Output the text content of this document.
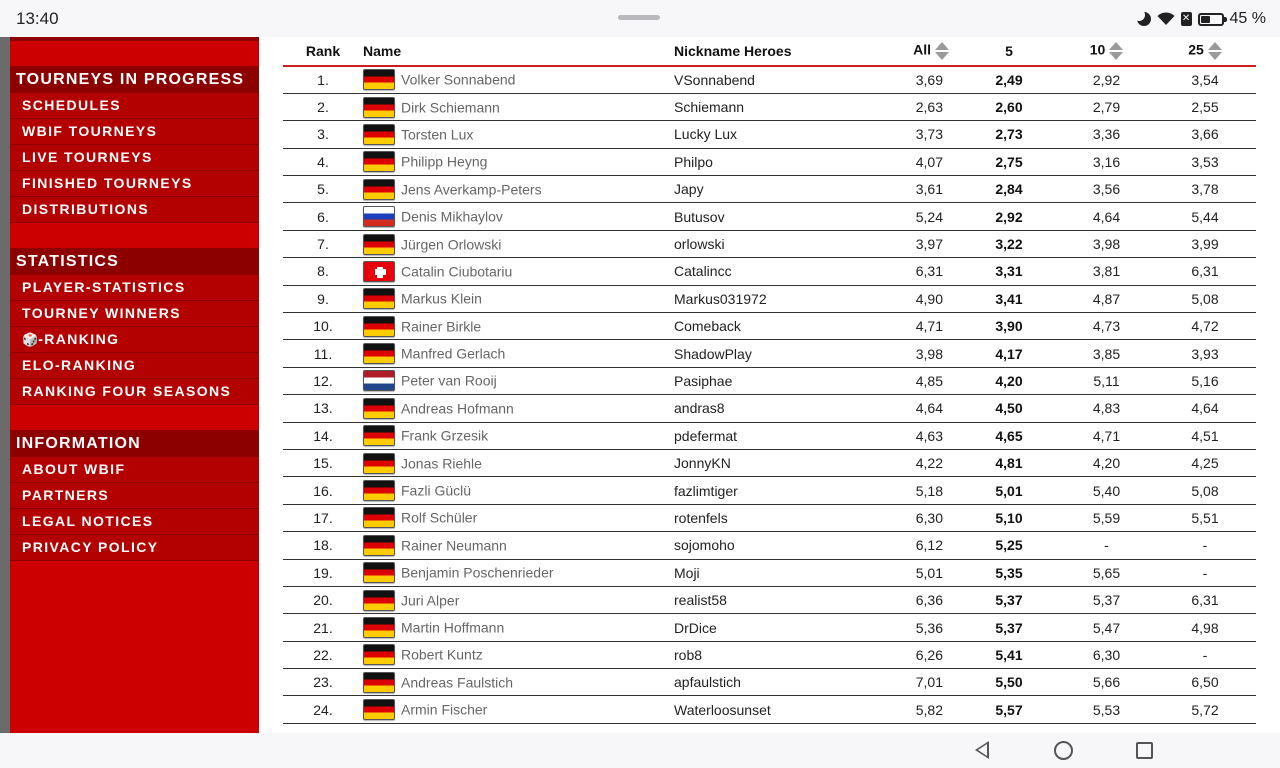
13:40	✕ 45 %
TOURNEYS IN PROGRESS
SCHEDULES
WBIF TOURNEYS
LIVE TOURNEYS
FINISHED TOURNEYS
DISTRIBUTIONS
STATISTICS
PLAYER-STATISTICS
TOURNEY WINNERS
🎲-RANKING
ELO-RANKING
RANKING FOUR SEASONS
INFORMATION
ABOUT WBIF
PARTNERS
LEGAL NOTICES
PRIVACY POLICY
Rank	Name	Nickname Heroes	All	5	10	25
1.	Volker Sonnabend	VSonnabend	3,69	2,49	2,92	3,54
2.	Dirk Schiemann	Schiemann	2,63	2,60	2,79	2,55
3.	Torsten Lux	Lucky Lux	3,73	2,73	3,36	3,66
4.	Philipp Heyng	Philpo	4,07	2,75	3,16	3,53
5.	Jens Averkamp-Peters	Japy	3,61	2,84	3,56	3,78
6.	Denis Mikhaylov	Butusov	5,24	2,92	4,64	5,44
7.	Jürgen Orlowski	orlowski	3,97	3,22	3,98	3,99
8.	Catalin Ciubotariu	Catalincc	6,31	3,31	3,81	6,31
9.	Markus Klein	Markus031972	4,90	3,41	4,87	5,08
10.	Rainer Birkle	Comeback	4,71	3,90	4,73	4,72
11.	Manfred Gerlach	ShadowPlay	3,98	4,17	3,85	3,93
12.	Peter van Rooij	Pasiphae	4,85	4,20	5,11	5,16
13.	Andreas Hofmann	andras8	4,64	4,50	4,83	4,64
14.	Frank Grzesik	pdefermat	4,63	4,65	4,71	4,51
15.	Jonas Riehle	JonnyKN	4,22	4,81	4,20	4,25
16.	Fazli Güclü	fazlimtiger	5,18	5,01	5,40	5,08
17.	Rolf Schüler	rotenfels	6,30	5,10	5,59	5,51
18.	Rainer Neumann	sojomoho	6,12	5,25	-	-
19.	Benjamin Poschenrieder	Moji	5,01	5,35	5,65	-
20.	Juri Alper	realist58	6,36	5,37	5,37	6,31
21.	Martin Hoffmann	DrDice	5,36	5,37	5,47	4,98
22.	Robert Kuntz	rob8	6,26	5,41	6,30	-
23.	Andreas Faulstich	apfaulstich	7,01	5,50	5,66	6,50
24.	Armin Fischer	Waterloosunset	5,82	5,57	5,53	5,72
